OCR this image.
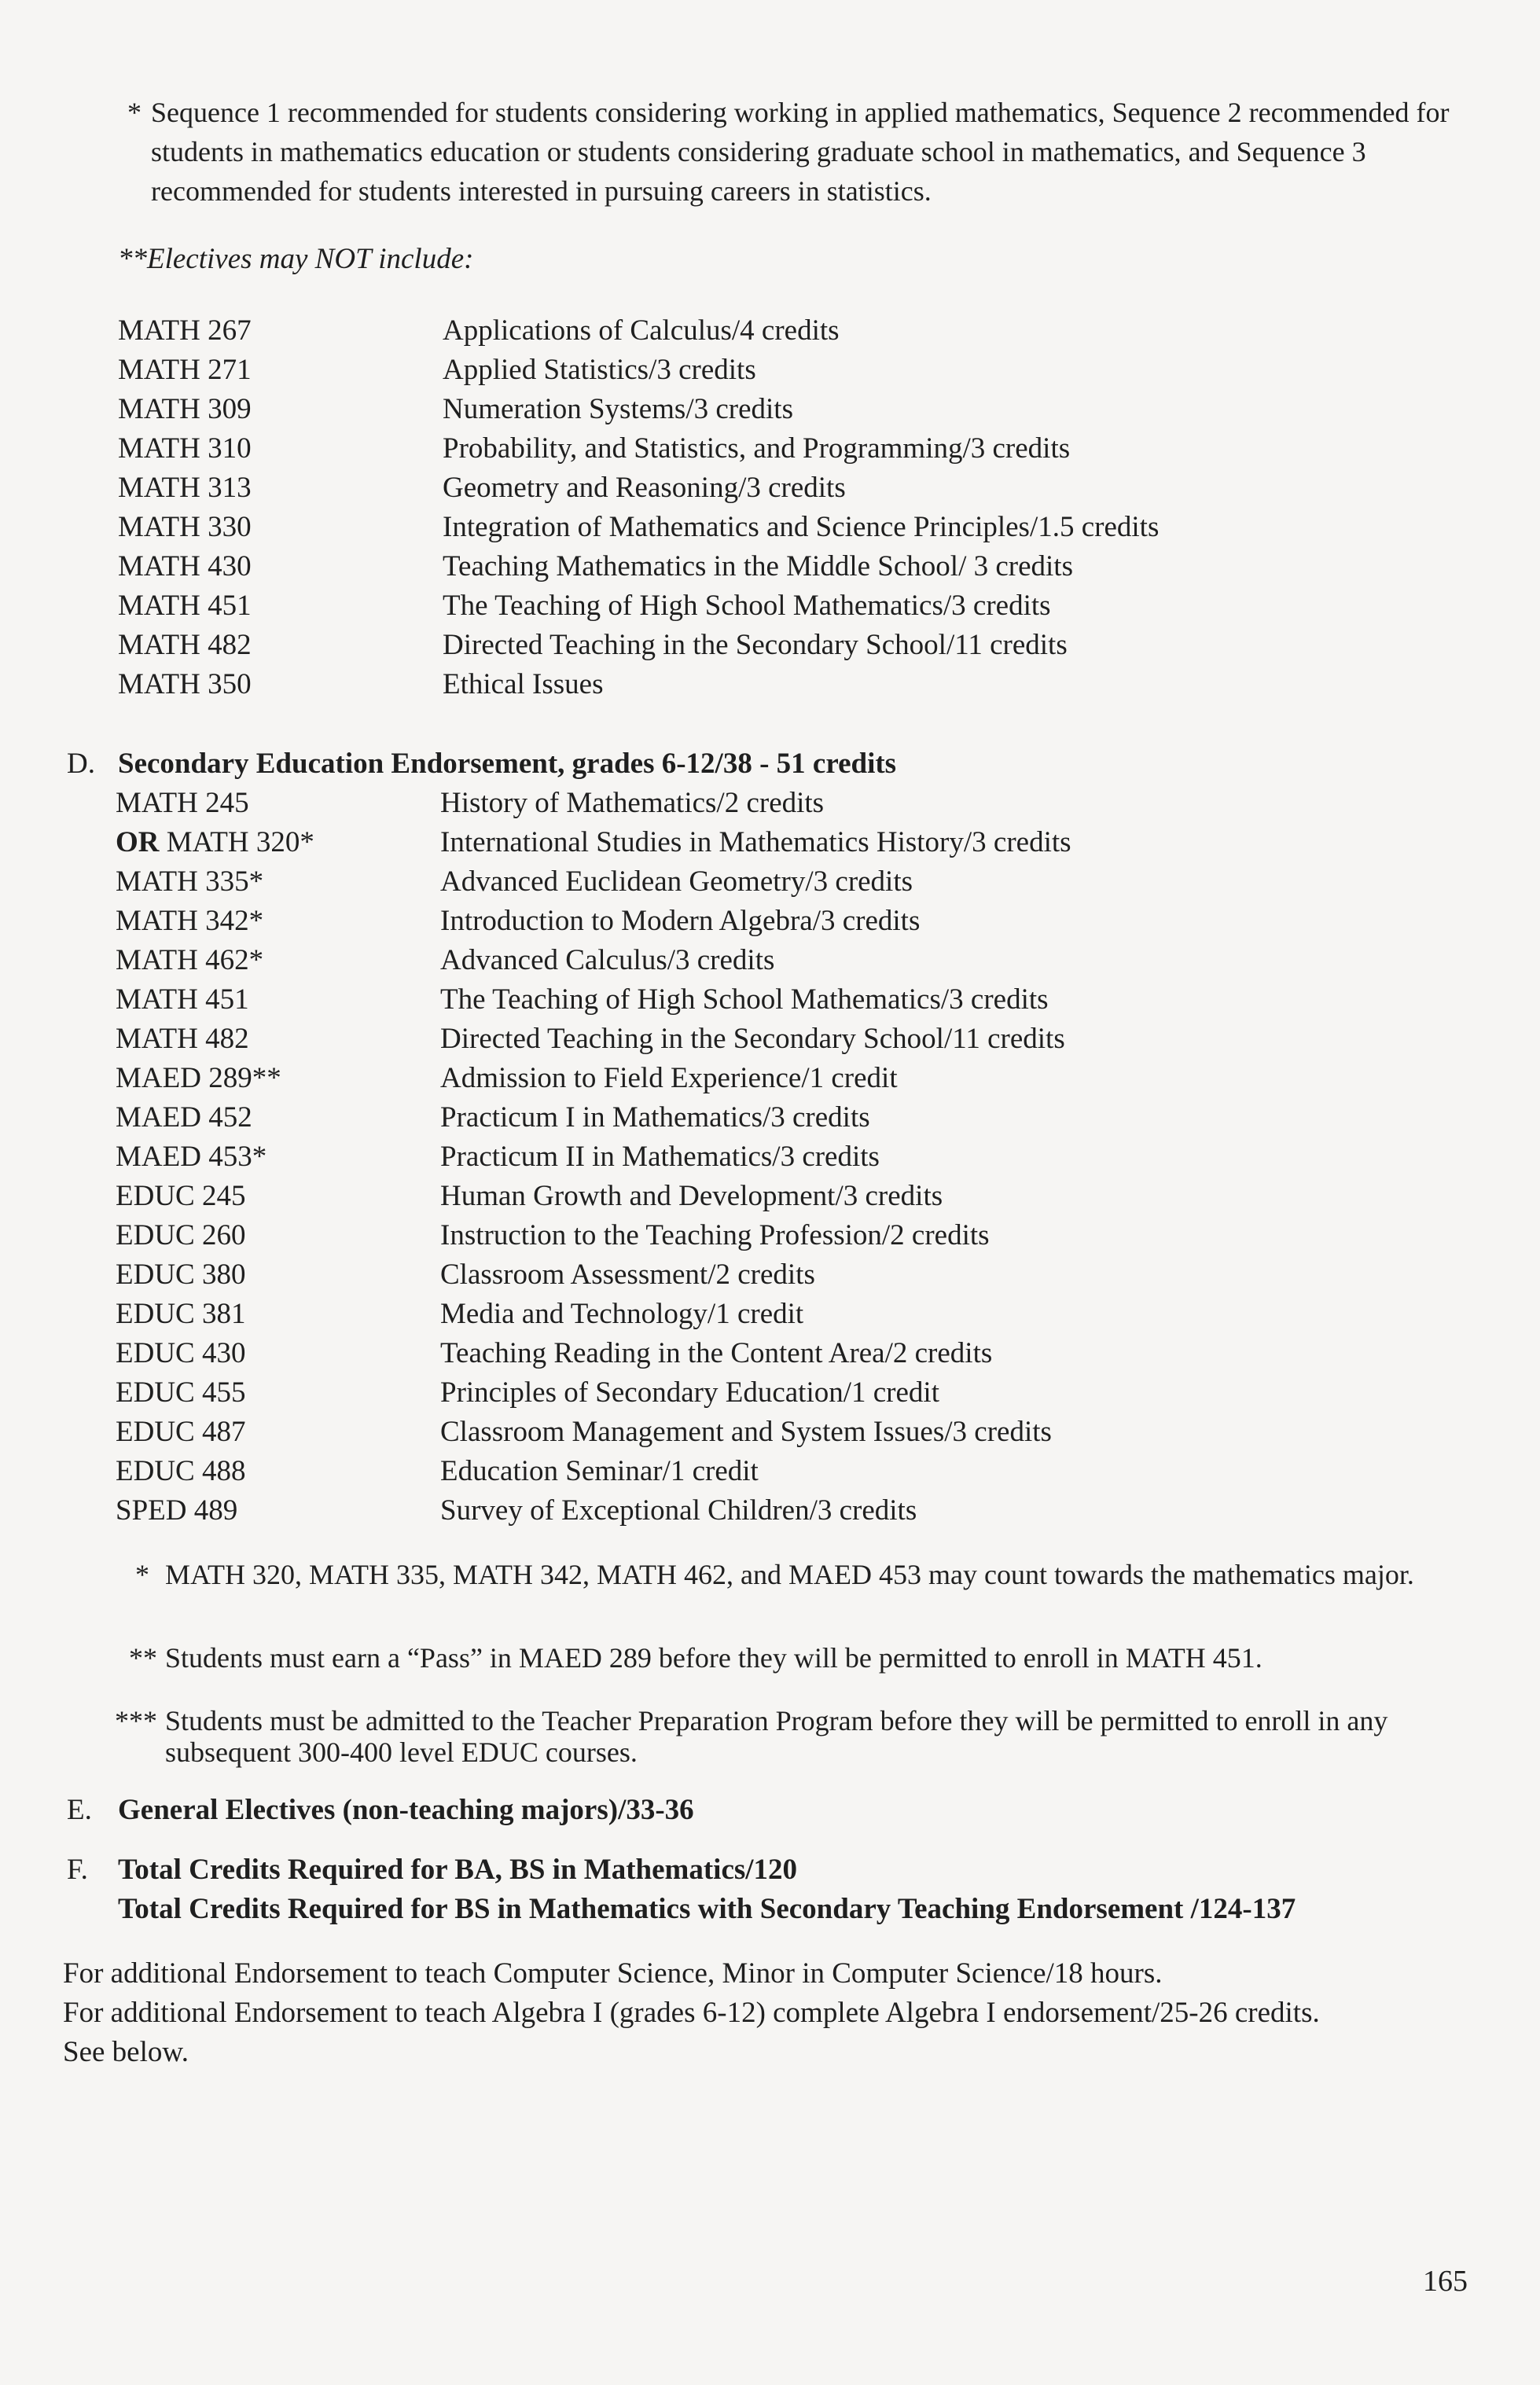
* Sequence 1 recommended for students considering working in applied mathematics, Sequence 2 recommended for students in mathematics education or students considering graduate school in mathematics, and Sequence 3 recommended for students interested in pursuing careers in statistics.
**Electives may NOT include:
MATH 267	Applications of Calculus/4 credits
MATH 271	Applied Statistics/3 credits
MATH 309	Numeration Systems/3 credits
MATH 310	Probability, and Statistics, and Programming/3 credits
MATH 313	Geometry and Reasoning/3 credits
MATH 330	Integration of Mathematics and Science Principles/1.5 credits
MATH 430	Teaching Mathematics in the Middle School/ 3 credits
MATH 451	The Teaching of High School Mathematics/3 credits
MATH 482	Directed Teaching in the Secondary School/11 credits
MATH 350	Ethical Issues
D. Secondary Education Endorsement, grades 6-12/38 - 51 credits
MATH 245	History of Mathematics/2 credits
OR MATH 320*	International Studies in Mathematics History/3 credits
MATH 335*	Advanced Euclidean Geometry/3 credits
MATH 342*	Introduction to Modern Algebra/3 credits
MATH 462*	Advanced Calculus/3 credits
MATH 451	The Teaching of High School Mathematics/3 credits
MATH 482	Directed Teaching in the Secondary School/11 credits
MAED 289**	Admission to Field Experience/1 credit
MAED 452	Practicum I in Mathematics/3 credits
MAED 453*	Practicum II in Mathematics/3 credits
EDUC 245	Human Growth and Development/3 credits
EDUC 260	Instruction to the Teaching Profession/2 credits
EDUC 380	Classroom Assessment/2 credits
EDUC 381	Media and Technology/1 credit
EDUC 430	Teaching Reading in the Content Area/2 credits
EDUC 455	Principles of Secondary Education/1 credit
EDUC 487	Classroom Management and System Issues/3 credits
EDUC 488	Education Seminar/1 credit
SPED 489	Survey of Exceptional Children/3 credits
* MATH 320, MATH 335, MATH 342, MATH 462, and MAED 453 may count towards the mathematics major.
** Students must earn a “Pass” in MAED 289 before they will be permitted to enroll in MATH 451.
*** Students must be admitted to the Teacher Preparation Program before they will be permitted to enroll in any subsequent 300-400 level EDUC courses.
E. General Electives (non-teaching majors)/33-36
F. Total Credits Required for BA, BS in Mathematics/120
Total Credits Required for BS in Mathematics with Secondary Teaching Endorsement /124-137
For additional Endorsement to teach Computer Science, Minor in Computer Science/18 hours.
For additional Endorsement to teach Algebra I (grades 6-12) complete Algebra I endorsement/25-26 credits.
See below.
165
